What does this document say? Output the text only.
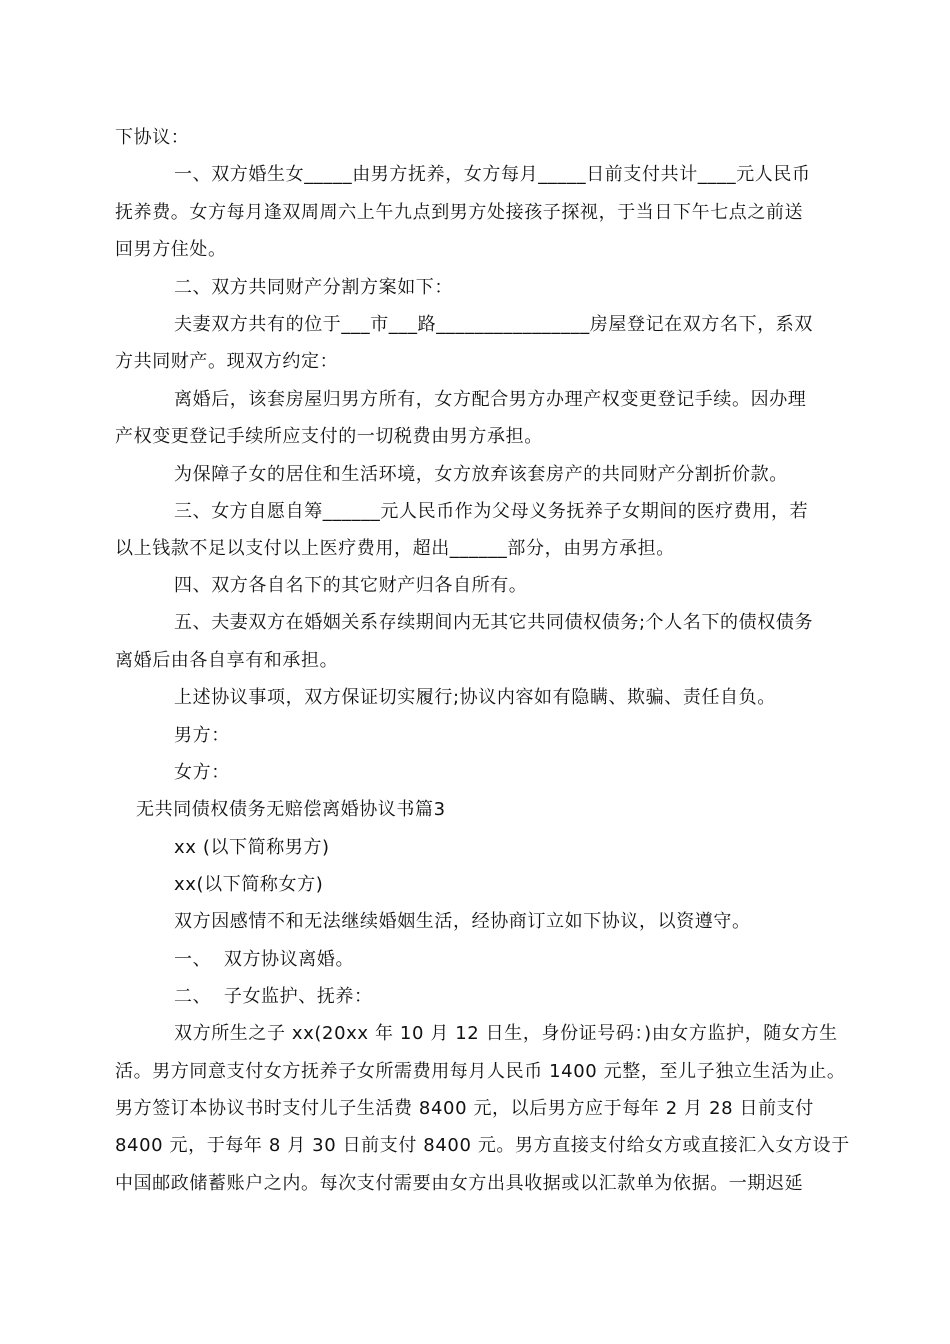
下协议：
一、双方婚生女_____由男方抚养，女方每月_____日前支付共计____元人民币
抚养费。女方每月逢双周周六上午九点到男方处接孩子探视，于当日下午七点之前送
回男方住处。
二、双方共同财产分割方案如下：
夫妻双方共有的位于___市___路________________房屋登记在双方名下，系双
方共同财产。现双方约定：
离婚后，该套房屋归男方所有，女方配合男方办理产权变更登记手续。因办理
产权变更登记手续所应支付的一切税费由男方承担。
为保障子女的居住和生活环境，女方放弃该套房产的共同财产分割折价款。
三、女方自愿自筹______元人民币作为父母义务抚养子女期间的医疗费用，若
以上钱款不足以支付以上医疗费用，超出______部分，由男方承担。
四、双方各自名下的其它财产归各自所有。
五、夫妻双方在婚姻关系存续期间内无其它共同债权债务;个人名下的债权债务
离婚后由各自享有和承担。
上述协议事项，双方保证切实履行;协议内容如有隐瞒、欺骗、责任自负。
男方：
女方：
无共同债权债务无赔偿离婚协议书篇3
xx (以下简称男方)
xx(以下简称女方)
双方因感情不和无法继续婚姻生活，经协商订立如下协议，以资遵守。
一、  双方协议离婚。
二、  子女监护、抚养：
双方所生之子 xx(20xx 年 10 月 12 日生，身份证号码：)由女方监护，随女方生
活。男方同意支付女方抚养子女所需费用每月人民币 1400 元整，至儿子独立生活为止。
男方签订本协议书时支付儿子生活费 8400 元，以后男方应于每年 2 月 28 日前支付
8400 元，于每年 8 月 30 日前支付 8400 元。男方直接支付给女方或直接汇入女方设于
中国邮政储蓄账户之内。每次支付需要由女方出具收据或以汇款单为依据。一期迟延
